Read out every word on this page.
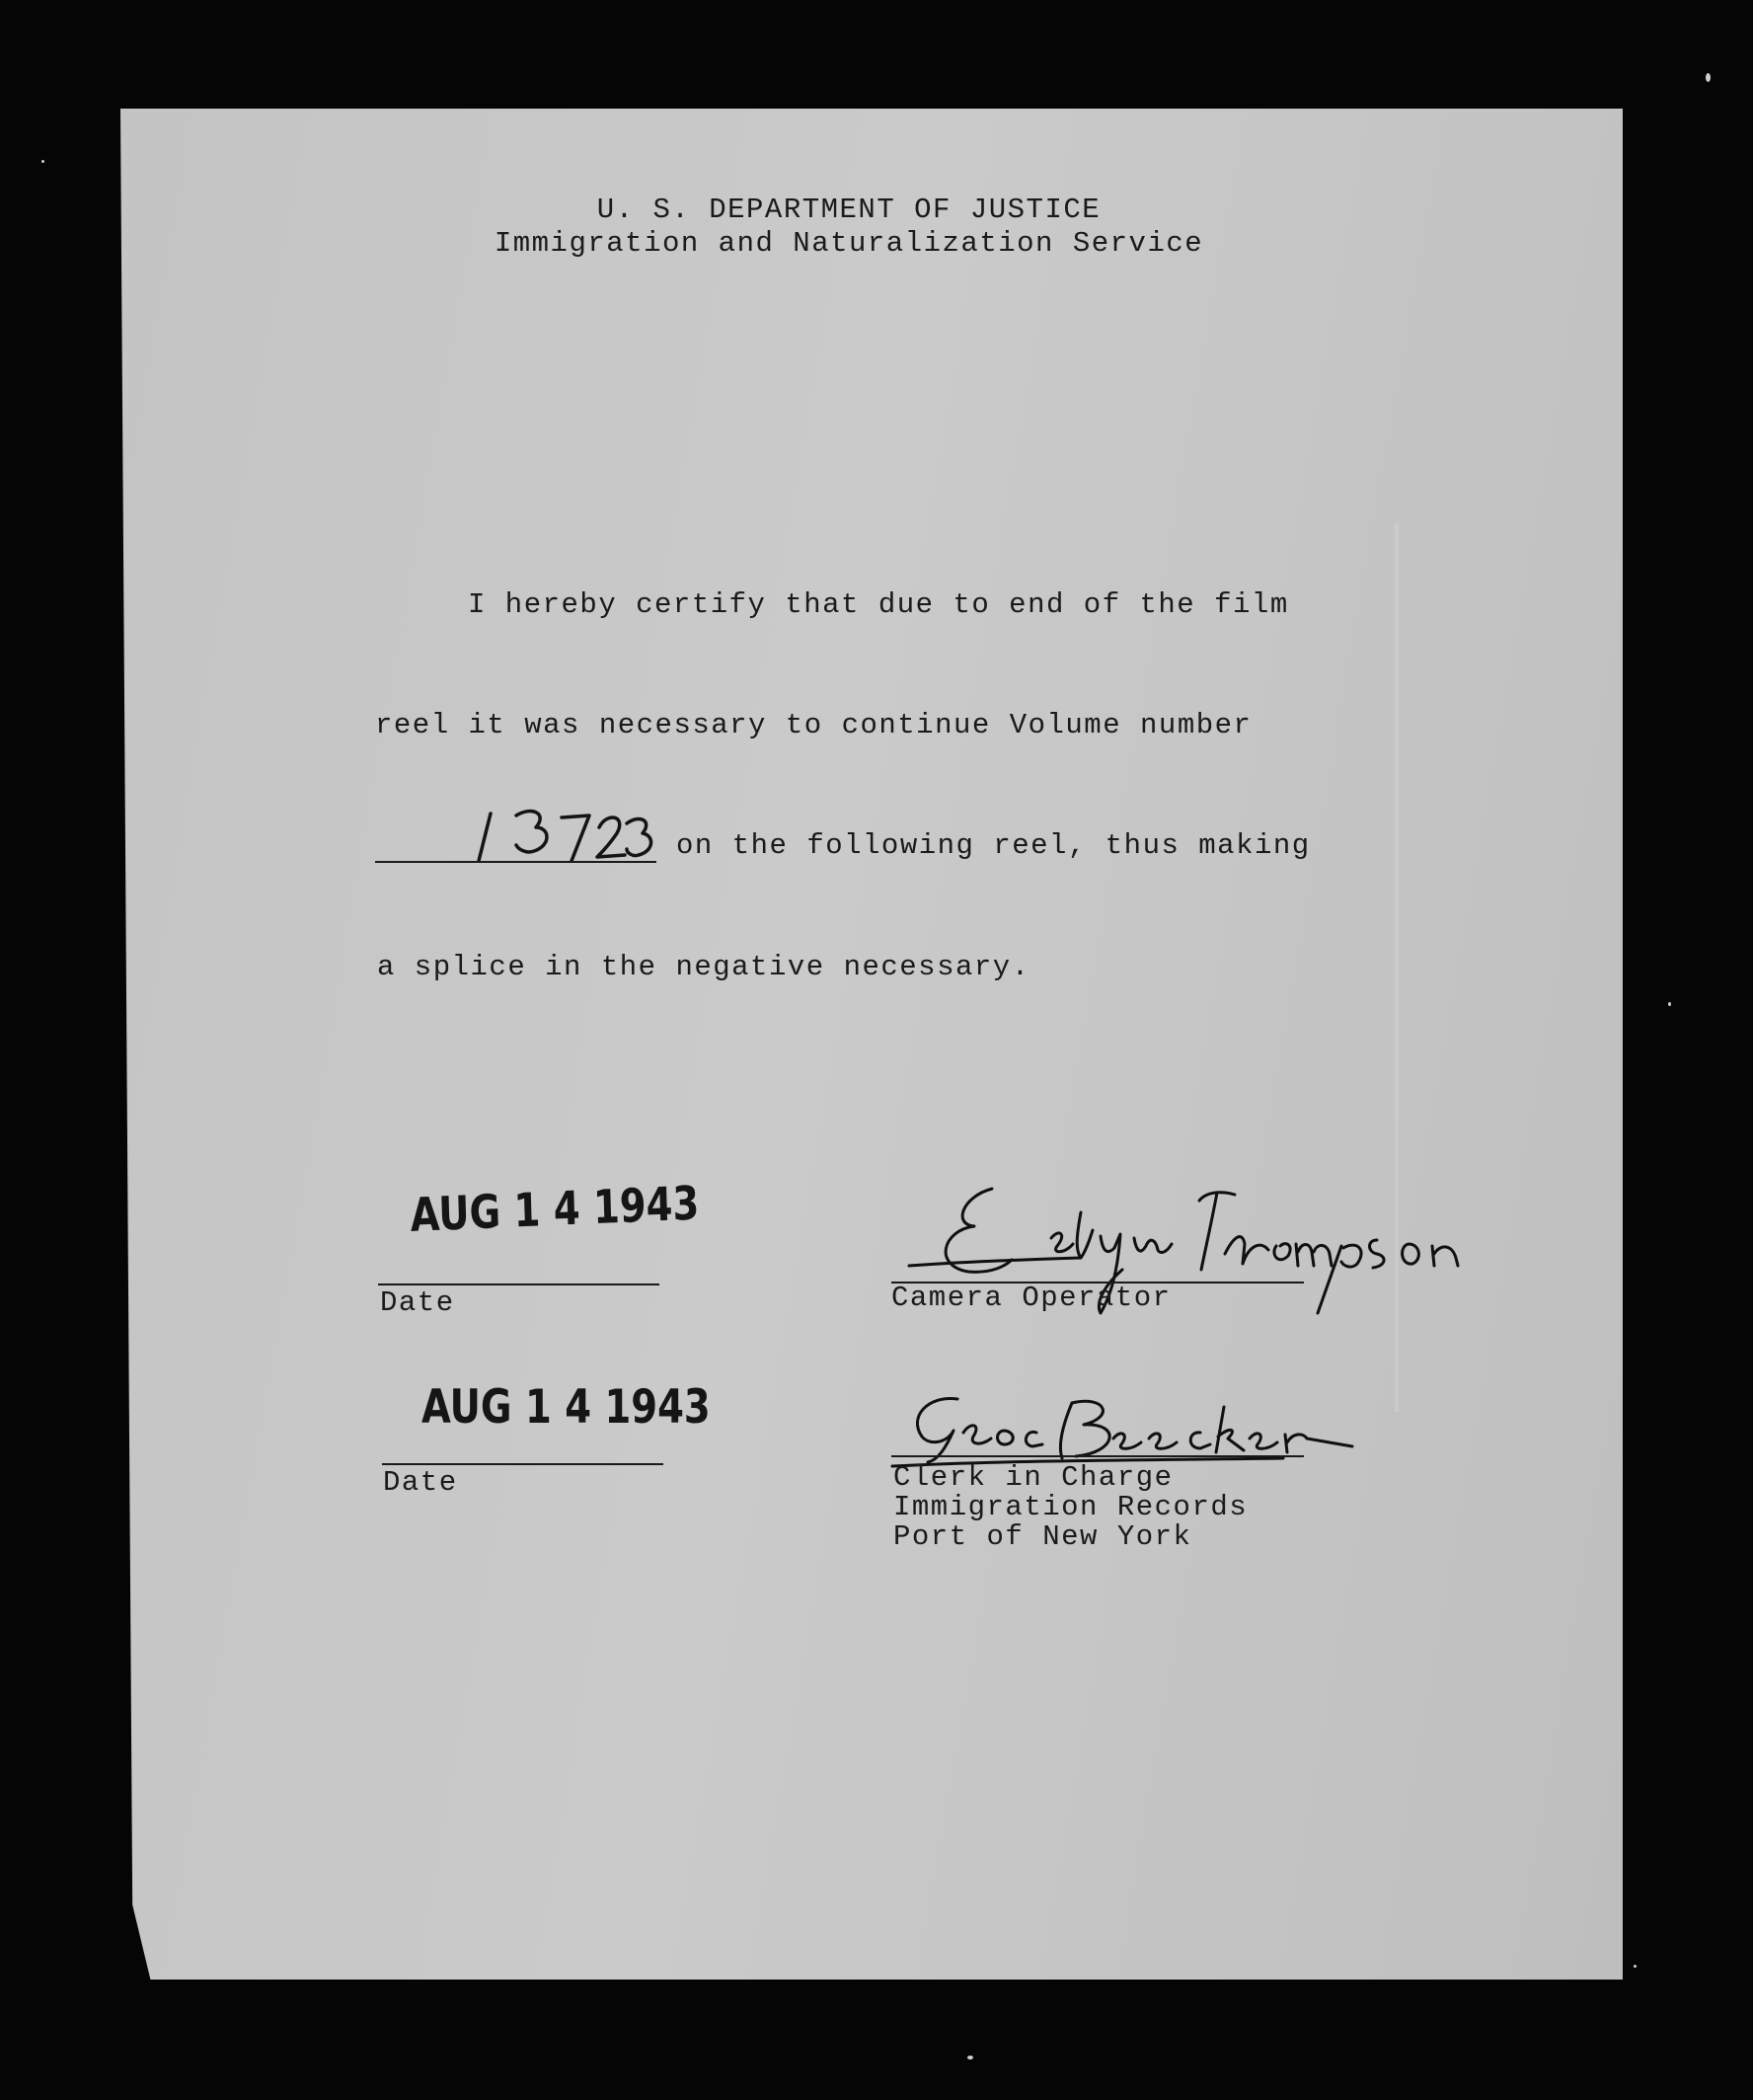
U. S. DEPARTMENT OF JUSTICE
Immigration and Naturalization Service
I hereby certify that due to end of the film
reel it was necessary to continue Volume number
on the following reel, thus making
a splice in the negative necessary.
AUG 1 4 1943
Date	Camera Operator
AUG 1 4 1943
Date	Clerk in Charge
Immigration Records
Port of New York
